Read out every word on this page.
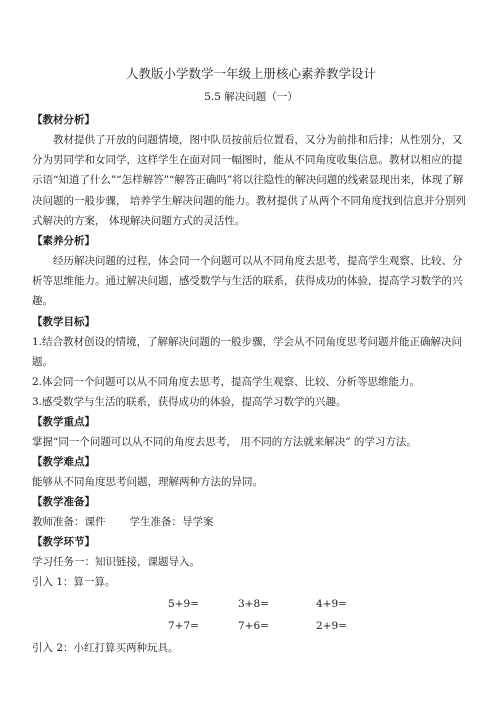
人教版小学数学一年级上册核心素养教学设计
5.5 解决问题（一）
【教材分析】

教材提供了开放的问题情境，图中队员按前后位置看，又分为前排和后排；从性别分，又分为男同学和女同学，这样学生在面对同一幅图时，能从不同角度收集信息。教材以相应的提示语“知道了什么”“怎样解答”“解答正确吗”将以往隐性的解决问题的线索显现出来，体现了解决问题的一般步骤， 培养学生解决问题的能力。教材提供了从两个不同角度找到信息并分别列式解决的方案， 体现解决问题方式的灵活性。

【素养分析】

经历解决问题的过程，体会同一个问题可以从不同角度去思考，提高学生观察、比较、分析等思维能力。通过解决问题，感受数学与生活的联系，获得成功的体验，提高学习数学的兴趣。

【教学目标】

1.结合教材创设的情境，了解解决问题的一般步骤，学会从不同角度思考问题并能正确解决问题。

2.体会同一个问题可以从不同角度去思考，提高学生观察、比较、分析等思维能力。
3.感受数学与生活的联系，获得成功的体验，提高学习数学的兴趣。
【教学重点】
掌握“同一个问题可以从不同的角度去思考， 用不同的方法就来解决” 的学习方法。
【教学难点】
能够从不同角度思考问题，理解两种方法的异同。
【教学准备】
教师准备：课件 学生准备：导学案
【教学环节】
学习任务一：知识链接，课题导入。
引入 1：算一算。
5+9=	3+8=	4+9=
7+7=	7+6=	2+9=
引入 2：小红打算买两种玩具。
